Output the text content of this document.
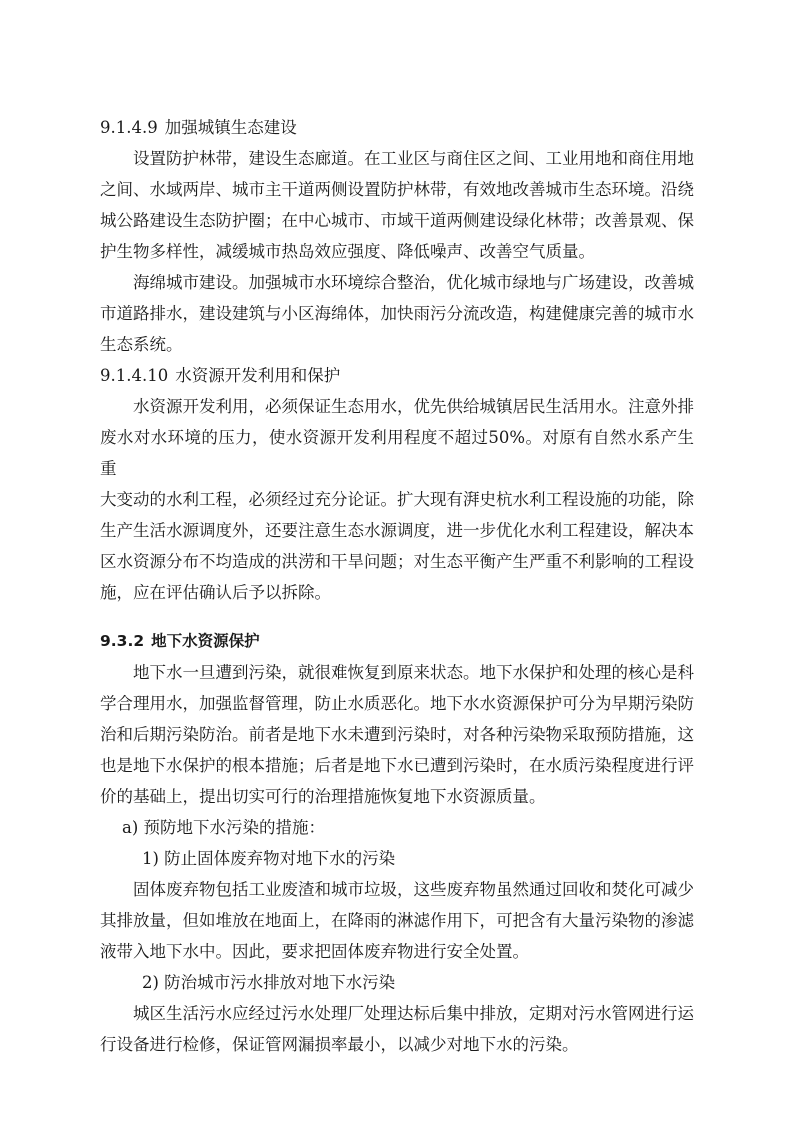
9.1.4.9 加强城镇生态建设

设置防护林带，建设生态廊道。在工业区与商住区之间、工业用地和商住用地
之间、水域两岸、城市主干道两侧设置防护林带，有效地改善城市生态环境。沿绕
城公路建设生态防护圈；在中心城市、市域干道两侧建设绿化林带；改善景观、保
护生物多样性，减缓城市热岛效应强度、降低噪声、改善空气质量。

海绵城市建设。加强城市水环境综合整治，优化城市绿地与广场建设，改善城
市道路排水，建设建筑与小区海绵体，加快雨污分流改造，构建健康完善的城市水
生态系统。

9.1.4.10 水资源开发利用和保护

水资源开发利用，必须保证生态用水，优先供给城镇居民生活用水。注意外排
废水对水环境的压力，使水资源开发利用程度不超过50%。对原有自然水系产生重
大变动的水利工程，必须经过充分论证。扩大现有湃史杭水利工程设施的功能，除
生产生活水源调度外，还要注意生态水源调度，进一步优化水利工程建设，解决本
区水资源分布不均造成的洪涝和干旱问题；对生态平衡产生严重不利影响的工程设
施，应在评估确认后予以拆除。

9.3.2 地下水资源保护

地下水一旦遭到污染，就很难恢复到原来状态。地下水保护和处理的核心是科
学合理用水，加强监督管理，防止水质恶化。地下水水资源保护可分为早期污染防
治和后期污染防治。前者是地下水未遭到污染时，对各种污染物采取预防措施，这
也是地下水保护的根本措施；后者是地下水已遭到污染时，在水质污染程度进行评
价的基础上，提出切实可行的治理措施恢复地下水资源质量。

a) 预防地下水污染的措施：

1) 防止固体废弃物对地下水的污染

固体废弃物包括工业废渣和城市垃圾，这些废弃物虽然通过回收和焚化可减少
其排放量，但如堆放在地面上，在降雨的淋滤作用下，可把含有大量污染物的渗滤
液带入地下水中。因此，要求把固体废弃物进行安全处置。

2) 防治城市污水排放对地下水污染

城区生活污水应经过污水处理厂处理达标后集中排放，定期对污水管网进行运
行设备进行检修，保证管网漏损率最小，以减少对地下水的污染。
